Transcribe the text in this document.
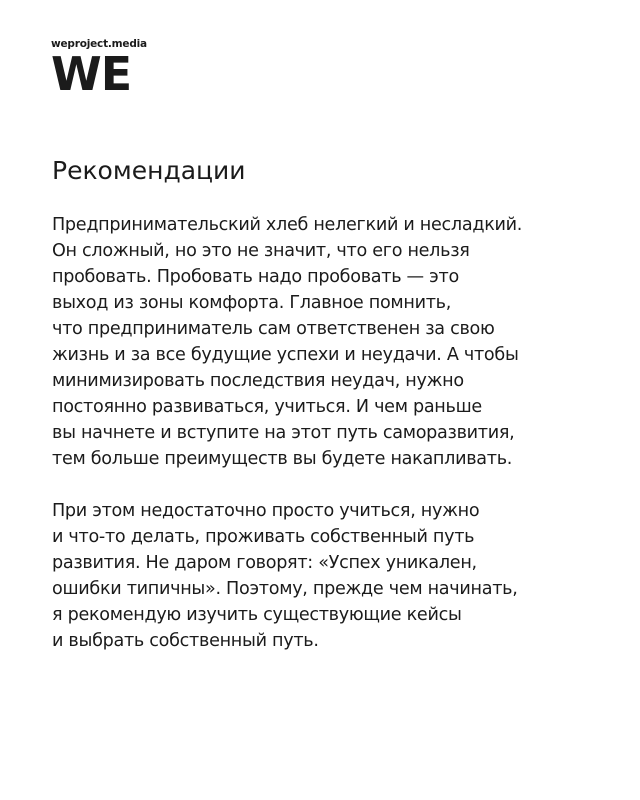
weproject.media
WE
Рекомендации

Предпринимательский хлеб нелегкий и несладкий.
Он сложный, но это не значит, что его нельзя
пробовать. Пробовать надо пробовать — это
выход из зоны комфорта. Главное помнить,
что предприниматель сам ответственен за свою
жизнь и за все будущие успехи и неудачи. А чтобы
минимизировать последствия неудач, нужно
постоянно развиваться, учиться. И чем раньше
вы начнете и вступите на этот путь саморазвития,
тем больше преимуществ вы будете накапливать.

При этом недостаточно просто учиться, нужно
и что-то делать, проживать собственный путь
развития. Не даром говорят: «Успех уникален,
ошибки типичны». Поэтому, прежде чем начинать,
я рекомендую изучить существующие кейсы
и выбрать собственный путь.
